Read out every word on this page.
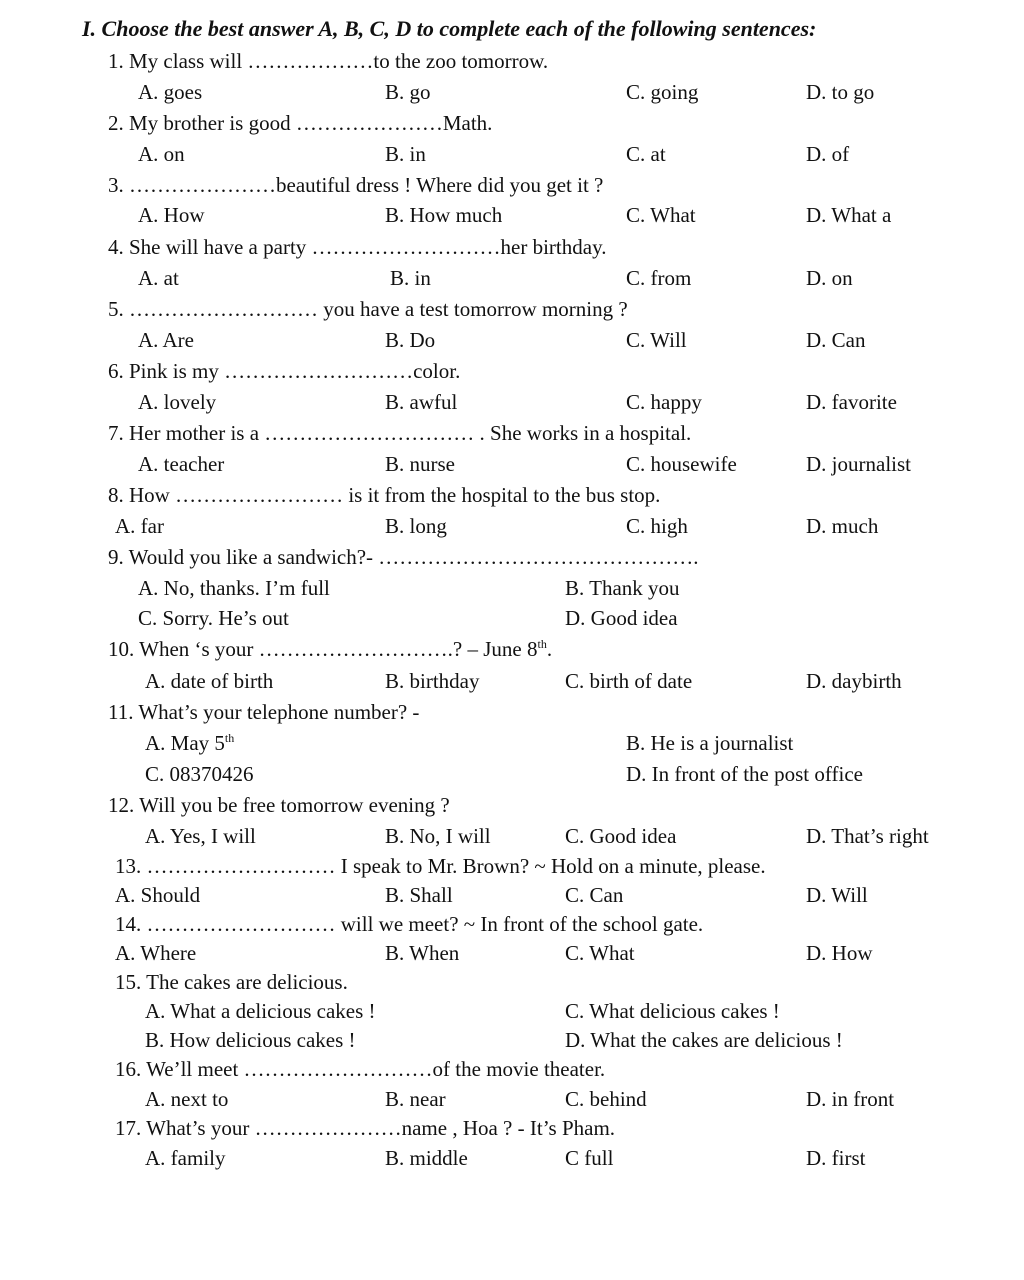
I. Choose the best answer A, B, C, D to complete each of the following sentences:
1. My class will ………………to the zoo tomorrow.
A. goes	B. go	C. going	D. to go
2. My brother is good …………………Math.
A. on	B. in	C. at	D. of
3. …………………beautiful dress ! Where did you get it ?
A. How	B. How much	C. What	D. What a
4. She will have a party ………………………her birthday.
A. at	B. in	C. from	D. on
5. ……………………… you have a test tomorrow morning ?
A. Are	B. Do	C. Will	D. Can
6. Pink is my ………………………color.
A. lovely	B. awful	C. happy	D. favorite
7. Her mother is a ………………………… . She works in a hospital.
A. teacher	B. nurse	C. housewife	D. journalist
8. How …………………… is it from the hospital to the bus stop.
A. far	B. long	C. high	D. much
9. Would you like a sandwich?- ……………………………………….
A. No, thanks. I’m full	B. Thank you
C. Sorry. He’s out	D. Good idea
10. When ‘s your ……………………….? – June 8th.
A. date of birth	B. birthday	C. birth of date	D. daybirth
11. What’s your telephone number? -
A. May 5th	B. He is a journalist
C. 08370426	D. In front of the post office
12. Will you be free tomorrow evening ?
A. Yes, I will	B. No, I will	C. Good idea	D. That’s right
13. ……………………… I speak to Mr. Brown? ~ Hold on a minute, please.
A. Should	B. Shall	C. Can	D. Will
14. ……………………… will we meet? ~ In front of the school gate.
A. Where	B. When	C. What	D. How
15. The cakes are delicious.
A. What a delicious cakes !	C. What delicious cakes !
B. How delicious cakes !	D. What the cakes are delicious !
16. We’ll meet ………………………of the movie theater.
A. next to	B. near	C. behind	D. in front
17. What’s your …………………name , Hoa ? - It’s Pham.
A. family	B. middle	C full	D. first
